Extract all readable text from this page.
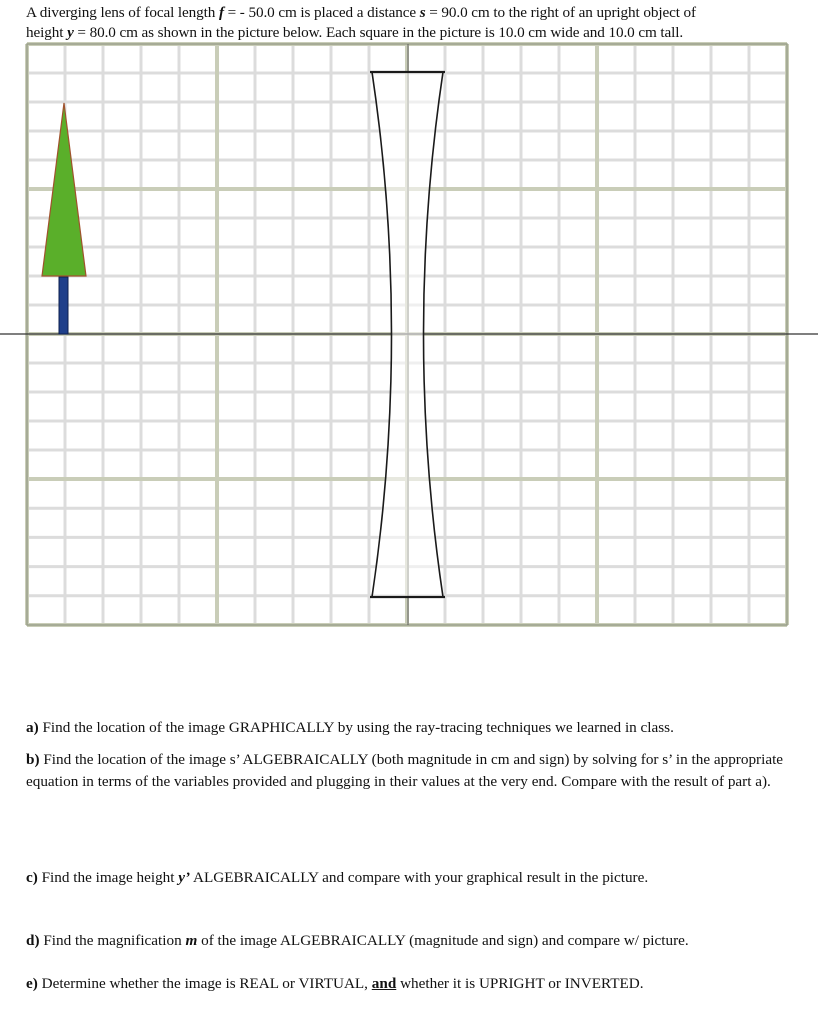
A diverging lens of focal length f = - 50.0 cm is placed a distance s = 90.0 cm to the right of an upright object of
height y = 80.0 cm as shown in the picture below. Each square in the picture is 10.0 cm wide and 10.0 cm tall.
a) Find the location of the image GRAPHICALLY by using the ray-tracing techniques we learned in class.
b) Find the location of the image s’ ALGEBRAICALLY (both magnitude in cm and sign) by solving for s’ in the appropriate equation in terms of the variables provided and plugging in their values at the very end. Compare with the result of part a).
c) Find the image height y’ ALGEBRAICALLY and compare with your graphical result in the picture.
d) Find the magnification m of the image ALGEBRAICALLY (magnitude and sign) and compare w/ picture.
e) Determine whether the image is REAL or VIRTUAL, and whether it is UPRIGHT or INVERTED.
